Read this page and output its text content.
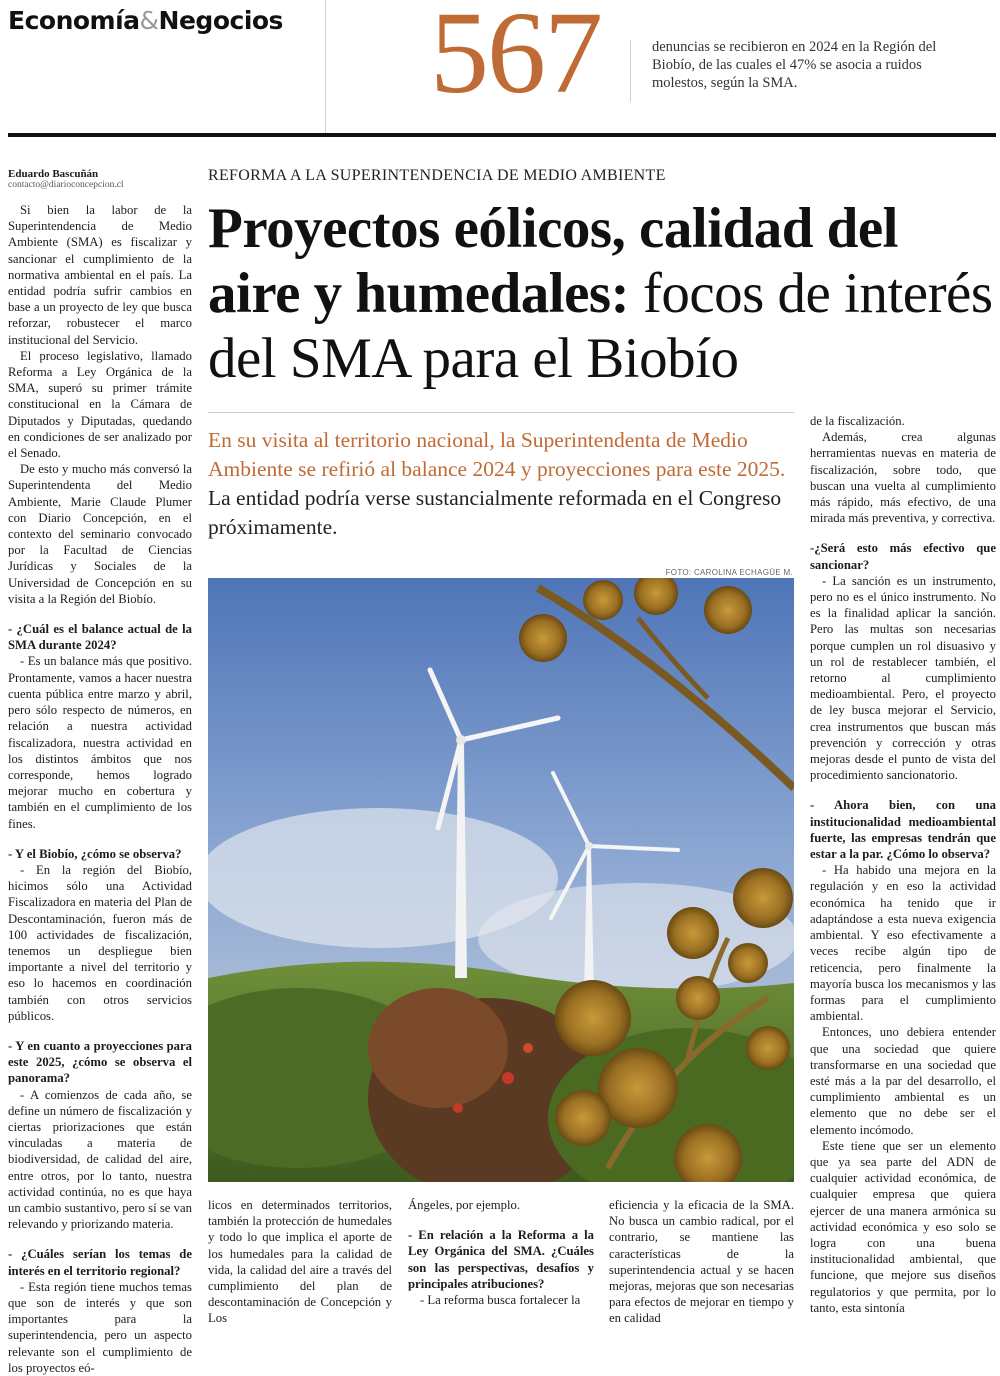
Economía&Negocios 567	denuncias se recibieron en 2024 en la Región del Biobío, de las cuales el 47% se asocia a ruidos molestos, según la SMA.
Eduardo Bascuñán
contacto@diarioconcepcion.cl
REFORMA A LA SUPERINTENDENCIA DE MEDIO AMBIENTE
Proyectos eólicos, calidad del aire y humedales: focos de interés del SMA para el Biobío
En su visita al territorio nacional, la Superintendenta de Medio Ambiente se refirió al balance 2024 y proyecciones para este 2025. La entidad podría verse sustancialmente reformada en el Congreso próximamente.
FOTO: CAROLINA ECHAGÜE M.

Si bien la labor de la Superintendencia de Medio Ambiente (SMA) es fiscalizar y sancionar el cumplimiento de la normativa ambiental en el país. La entidad podría sufrir cambios en base a un proyecto de ley que busca reforzar, robustecer el marco institucional del Servicio.

El proceso legislativo, llamado Reforma a Ley Orgánica de la SMA, superó su primer trámite constitucional en la Cámara de Diputados y Diputadas, quedando en condiciones de ser analizado por el Senado.

De esto y mucho más conversó la Superintendenta del Medio Ambiente, Marie Claude Plumer con Diario Concepción, en el contexto del seminario convocado por la Facultad de Ciencias Jurídicas y Sociales de la Universidad de Concepción en su visita a la Región del Biobío.

- ¿Cuál es el balance actual de la SMA durante 2024?

- Es un balance más que positivo. Prontamente, vamos a hacer nuestra cuenta pública entre marzo y abril, pero sólo respecto de números, en relación a nuestra actividad fiscalizadora, nuestra actividad en los distintos ámbitos que nos corresponde, hemos logrado mejorar mucho en cobertura y también en el cumplimiento de los fines.

- Y el Biobío, ¿cómo se observa?

- En la región del Biobío, hicimos sólo una Actividad Fiscalizadora en materia del Plan de Descontaminación, fueron más de 100 actividades de fiscalización, tenemos un despliegue bien importante a nivel del territorio y eso lo hacemos en coordinación también con otros servicios públicos.

- Y en cuanto a proyecciones para este 2025, ¿cómo se observa el panorama?

- A comienzos de cada año, se define un número de fiscalización y ciertas priorizaciones que están vinculadas a materia de biodiversidad, de calidad del aire, entre otros, por lo tanto, nuestra actividad continúa, no es que haya un cambio sustantivo, pero sí se van relevando y priorizando materia.

- ¿Cuáles serían los temas de interés en el territorio regional?

- Esta región tiene muchos temas que son de interés y que son importantes para la superintendencia, pero un aspecto relevante son el cumplimiento de los proyectos eó-

licos en determinados territorios, también la protección de humedales y todo lo que implica el aporte de los humedales para la calidad de vida, la calidad del aire a través del cumplimiento del plan de descontaminación de Concepción y Los

Ángeles, por ejemplo.

- En relación a la Reforma a la Ley Orgánica del SMA. ¿Cuáles son las perspectivas, desafíos y principales atribuciones?

- La reforma busca fortalecer la

eficiencia y la eficacia de la SMA. No busca un cambio radical, por el contrario, se mantiene las características de la superintendencia actual y se hacen mejoras, mejoras que son necesarias para efectos de mejorar en tiempo y en calidad

de la fiscalización.

Además, crea algunas herramientas nuevas en materia de fiscalización, sobre todo, que buscan una vuelta al cumplimiento más rápido, más efectivo, de una mirada más preventiva, y correctiva.

-¿Será esto más efectivo que sancionar?

- La sanción es un instrumento, pero no es el único instrumento. No es la finalidad aplicar la sanción. Pero las multas son necesarias porque cumplen un rol disuasivo y un rol de restablecer también, el retorno al cumplimiento medioambiental. Pero, el proyecto de ley busca mejorar el Servicio, crea instrumentos que buscan más prevención y corrección y otras mejoras desde el punto de vista del procedimiento sancionatorio.

- Ahora bien, con una institucionalidad medioambiental fuerte, las empresas tendrán que estar a la par. ¿Cómo lo observa?

- Ha habido una mejora en la regulación y en eso la actividad económica ha tenido que ir adaptándose a esta nueva exigencia ambiental. Y eso efectivamente a veces recibe algún tipo de reticencia, pero finalmente la mayoría busca los mecanismos y las formas para el cumplimiento ambiental.

Entonces, uno debiera entender que una sociedad que quiere transformarse en una sociedad que esté más a la par del desarrollo, el cumplimiento ambiental es un elemento que no debe ser el elemento incómodo.

Este tiene que ser un elemento que ya sea parte del ADN de cualquier actividad económica, de cualquier empresa que quiera ejercer de una manera armónica su actividad económica y eso solo se logra con una buena institucionalidad ambiental, que funcione, que mejore sus diseños regulatorios y que permita, por lo tanto, esta sintonía
